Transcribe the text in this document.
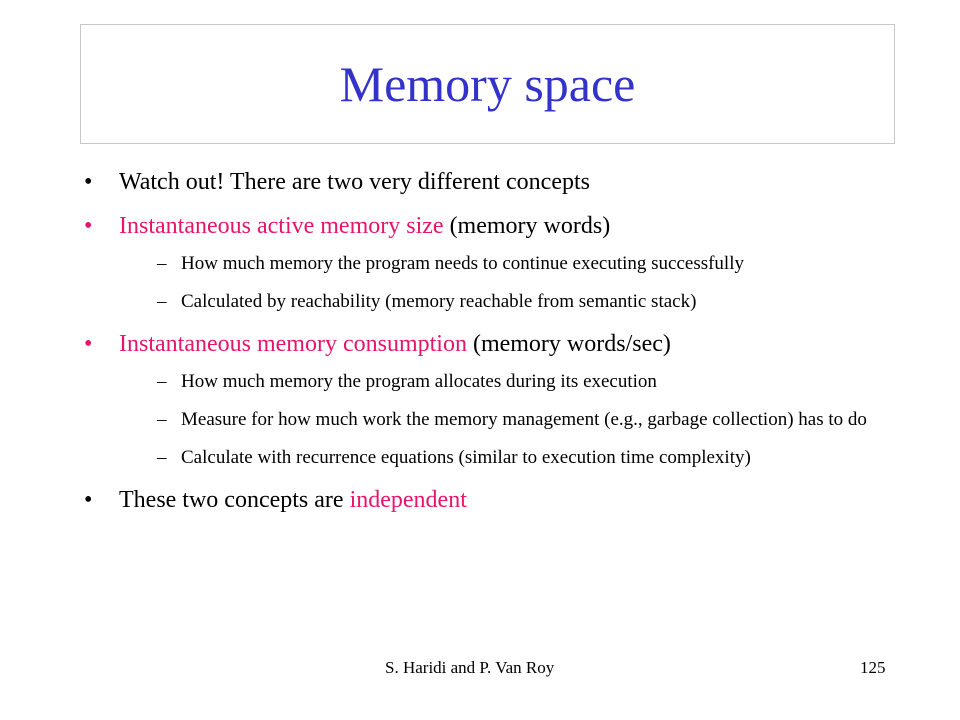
Memory space
•	Watch out! There are two very different concepts
•	Instantaneous active memory size (memory words)
– How much memory the program needs to continue executing successfully
– Calculated by reachability (memory reachable from semantic stack)
•	Instantaneous memory consumption (memory words/sec)
– How much memory the program allocates during its execution
– Measure for how much work the memory management (e.g., garbage collection) has to do
– Calculate with recurrence equations (similar to execution time complexity)
•	These two concepts are independent
S. Haridi and P. Van Roy	125
